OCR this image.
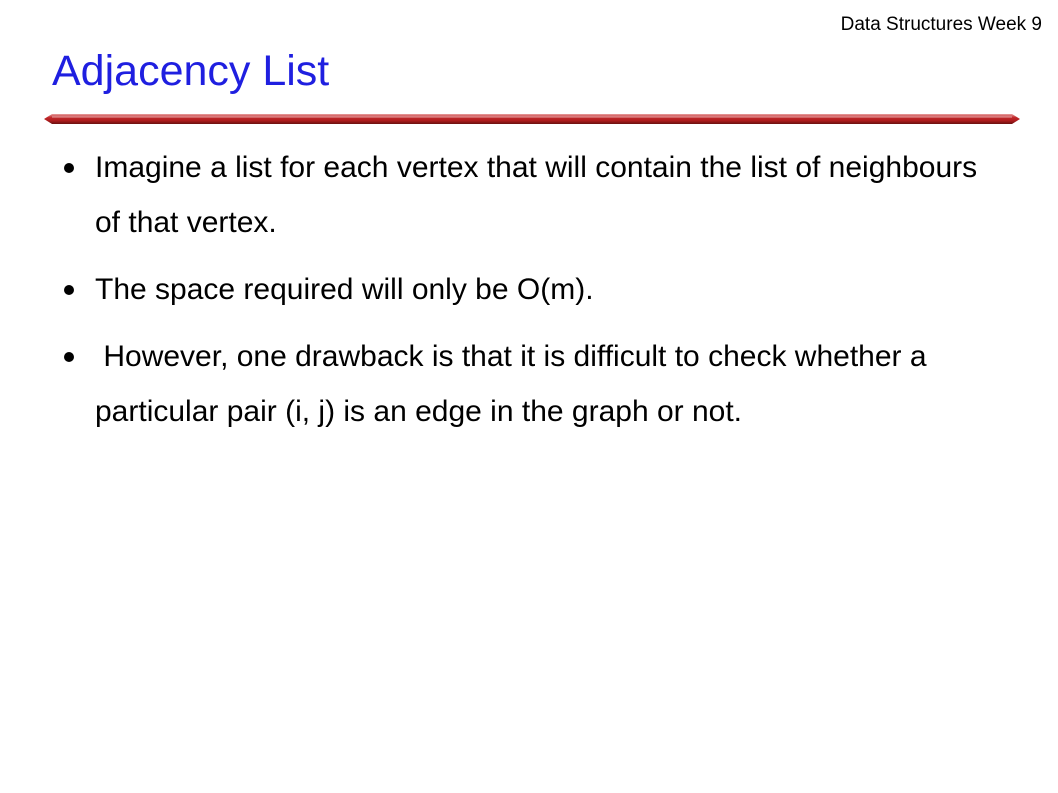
Data Structures Week 9
Adjacency List
Imagine a list for each vertex that will contain the list of neighbours of that vertex.
The space required will only be O(m).
However, one drawback is that it is difficult to check whether a particular pair (i, j) is an edge in the graph or not.
